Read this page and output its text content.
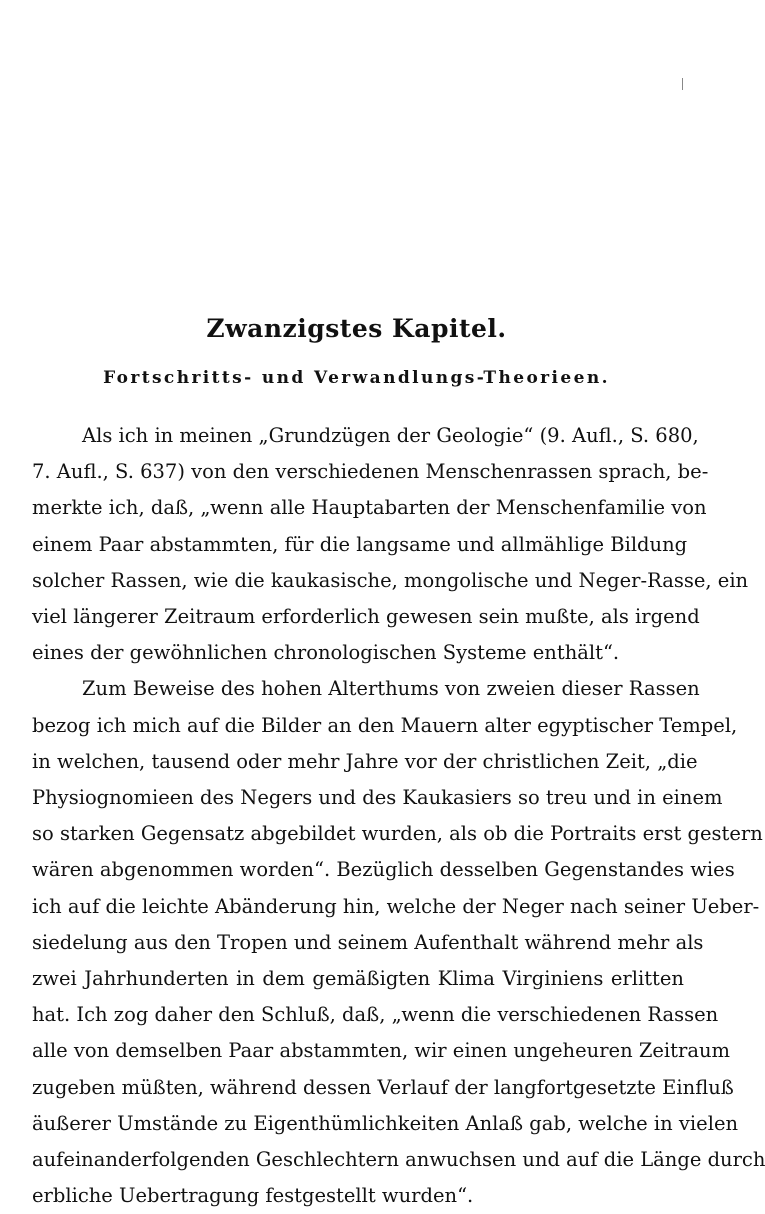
Zwanzigstes Kapitel.
Fortschritts- und Verwandlungs-Theorieen.

Als ich in meinen „Grundzügen der Geologie“ (9. Aufl., S. 680,
7. Aufl., S. 637) von den verschiedenen Menschenrassen sprach, be-
merkte ich, daß, „wenn alle Hauptabarten der Menschenfamilie von
einem Paar abstammten, für die langsame und allmählige Bildung
solcher Rassen, wie die kaukasische, mongolische und Neger-Rasse, ein
viel längerer Zeitraum erforderlich gewesen sein mußte, als irgend
eines der gewöhnlichen chronologischen Systeme enthält“.

Zum Beweise des hohen Alterthums von zweien dieser Rassen
bezog ich mich auf die Bilder an den Mauern alter egyptischer Tempel,
in welchen, tausend oder mehr Jahre vor der christlichen Zeit, „die
Physiognomieen des Negers und des Kaukasiers so treu und in einem
so starken Gegensatz abgebildet wurden, als ob die Portraits erst gestern
wären abgenommen worden“. Bezüglich desselben Gegenstandes wies
ich auf die leichte Abänderung hin, welche der Neger nach seiner Ueber-
siedelung aus den Tropen und seinem Aufenthalt während mehr als
zwei Jahrhunderten in dem gemäßigten Klima Virginiens erlitten
hat. Ich zog daher den Schluß, daß, „wenn die verschiedenen Rassen
alle von demselben Paar abstammten, wir einen ungeheuren Zeitraum
zugeben müßten, während dessen Verlauf der langfortgesetzte Einfluß
äußerer Umstände zu Eigenthümlichkeiten Anlaß gab, welche in vielen
aufeinanderfolgenden Geschlechtern anwuchsen und auf die Länge durch
erbliche Uebertragung festgestellt wurden“.
